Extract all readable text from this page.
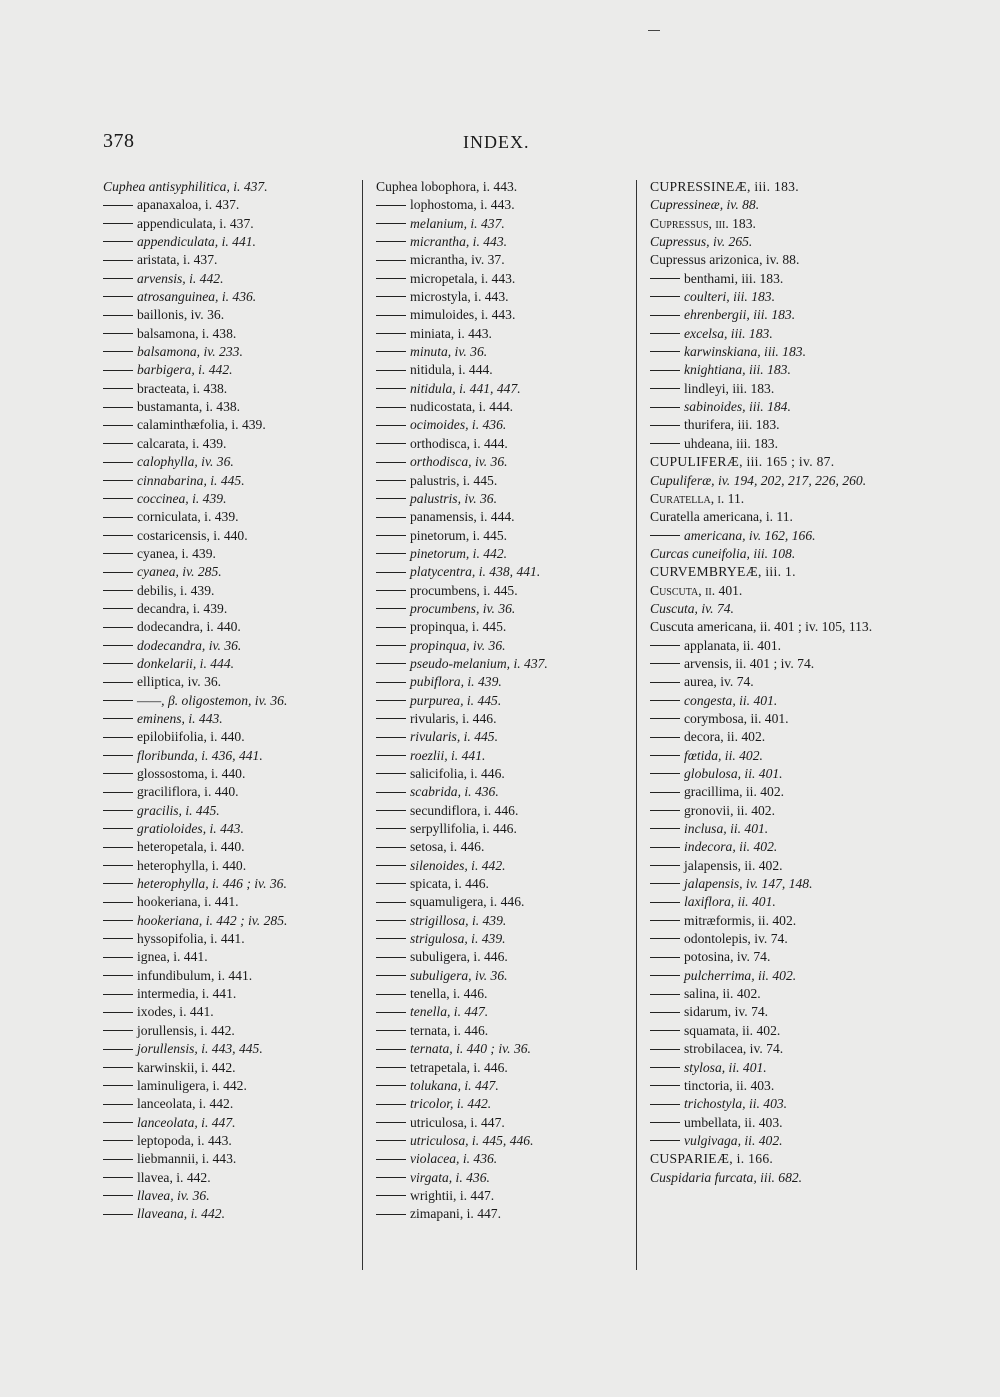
378	INDEX.
Cuphea antisyphilitica, i. 437.
apanaxaloa, i. 437.
appendiculata, i. 437.
appendiculata, i. 441.
aristata, i. 437.
arvensis, i. 442.
atrosanguinea, i. 436.
baillonis, iv. 36.
balsamona, i. 438.
balsamona, iv. 233.
barbigera, i. 442.
bracteata, i. 438.
bustamanta, i. 438.
calaminthæfolia, i. 439.
calcarata, i. 439.
calophylla, iv. 36.
cinnabarina, i. 445.
coccinea, i. 439.
corniculata, i. 439.
costaricensis, i. 440.
cyanea, i. 439.
cyanea, iv. 285.
debilis, i. 439.
decandra, i. 439.
dodecandra, i. 440.
dodecandra, iv. 36.
donkelarii, i. 444.
elliptica, iv. 36.
——, β. oligostemon, iv. 36.
eminens, i. 443.
epilobiifolia, i. 440.
floribunda, i. 436, 441.
glossostoma, i. 440.
graciliflora, i. 440.
gracilis, i. 445.
gratioloides, i. 443.
heteropetala, i. 440.
heterophylla, i. 440.
heterophylla, i. 446 ; iv. 36.
hookeriana, i. 441.
hookeriana, i. 442 ; iv. 285.
hyssopifolia, i. 441.
ignea, i. 441.
infundibulum, i. 441.
intermedia, i. 441.
ixodes, i. 441.
jorullensis, i. 442.
jorullensis, i. 443, 445.
karwinskii, i. 442.
laminuligera, i. 442.
lanceolata, i. 442.
lanceolata, i. 447.
leptopoda, i. 443.
liebmannii, i. 443.
llavea, i. 442.
llavea, iv. 36.
llaveana, i. 442.
Cuphea lobophora, i. 443.
lophostoma, i. 443.
melanium, i. 437.
micrantha, i. 443.
micrantha, iv. 37.
micropetala, i. 443.
microstyla, i. 443.
mimuloides, i. 443.
miniata, i. 443.
minuta, iv. 36.
nitidula, i. 444.
nitidula, i. 441, 447.
nudicostata, i. 444.
ocimoides, i. 436.
orthodisca, i. 444.
orthodisca, iv. 36.
palustris, i. 445.
palustris, iv. 36.
panamensis, i. 444.
pinetorum, i. 445.
pinetorum, i. 442.
platycentra, i. 438, 441.
procumbens, i. 445.
procumbens, iv. 36.
propinqua, i. 445.
propinqua, iv. 36.
pseudo-melanium, i. 437.
pubiflora, i. 439.
purpurea, i. 445.
rivularis, i. 446.
rivularis, i. 445.
roezlii, i. 441.
salicifolia, i. 446.
scabrida, i. 436.
secundiflora, i. 446.
serpyllifolia, i. 446.
setosa, i. 446.
silenoides, i. 442.
spicata, i. 446.
squamuligera, i. 446.
strigillosa, i. 439.
strigulosa, i. 439.
subuligera, i. 446.
subuligera, iv. 36.
tenella, i. 446.
tenella, i. 447.
ternata, i. 446.
ternata, i. 440 ; iv. 36.
tetrapetala, i. 446.
tolukana, i. 447.
tricolor, i. 442.
utriculosa, i. 447.
utriculosa, i. 445, 446.
violacea, i. 436.
virgata, i. 436.
wrightii, i. 447.
zimapani, i. 447.
CUPRESSINEÆ, iii. 183.
Cupressineæ, iv. 88.
Cupressus, iii. 183.
Cupressus, iv. 265.
Cupressus arizonica, iv. 88.
benthami, iii. 183.
coulteri, iii. 183.
ehrenbergii, iii. 183.
excelsa, iii. 183.
karwinskiana, iii. 183.
knightiana, iii. 183.
lindleyi, iii. 183.
sabinoides, iii. 184.
thurifera, iii. 183.
uhdeana, iii. 183.
CUPULIFERÆ, iii. 165 ; iv. 87.
Cupuliferæ, iv. 194, 202, 217, 226, 260.
Curatella, i. 11.
Curatella americana, i. 11.
americana, iv. 162, 166.
Curcas cuneifolia, iii. 108.
CURVEMBRYEÆ, iii. 1.
Cuscuta, ii. 401.
Cuscuta, iv. 74.
Cuscuta americana, ii. 401 ; iv. 105, 113.
applanata, ii. 401.
arvensis, ii. 401 ; iv. 74.
aurea, iv. 74.
congesta, ii. 401.
corymbosa, ii. 401.
decora, ii. 402.
fœtida, ii. 402.
globulosa, ii. 401.
gracillima, ii. 402.
gronovii, ii. 402.
inclusa, ii. 401.
indecora, ii. 402.
jalapensis, ii. 402.
jalapensis, iv. 147, 148.
laxiflora, ii. 401.
mitræformis, ii. 402.
odontolepis, iv. 74.
potosina, iv. 74.
pulcherrima, ii. 402.
salina, ii. 402.
sidarum, iv. 74.
squamata, ii. 402.
strobilacea, iv. 74.
stylosa, ii. 401.
tinctoria, ii. 403.
trichostyla, ii. 403.
umbellata, ii. 403.
vulgivaga, ii. 402.
CUSPARIEÆ, i. 166.
Cuspidaria furcata, iii. 682.
